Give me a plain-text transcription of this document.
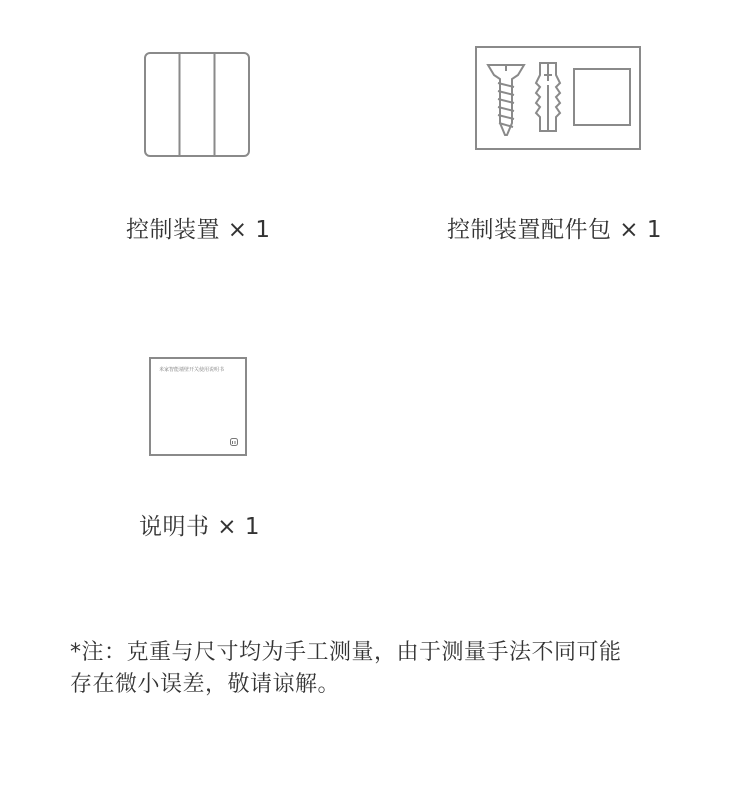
控制装置 × 1	控制装置配件包 × 1
米家智能墙壁开关使用说明书
说明书 × 1
*注：克重与尺寸均为手工测量，由于测量手法不同可能
存在微小误差，敬请谅解。
